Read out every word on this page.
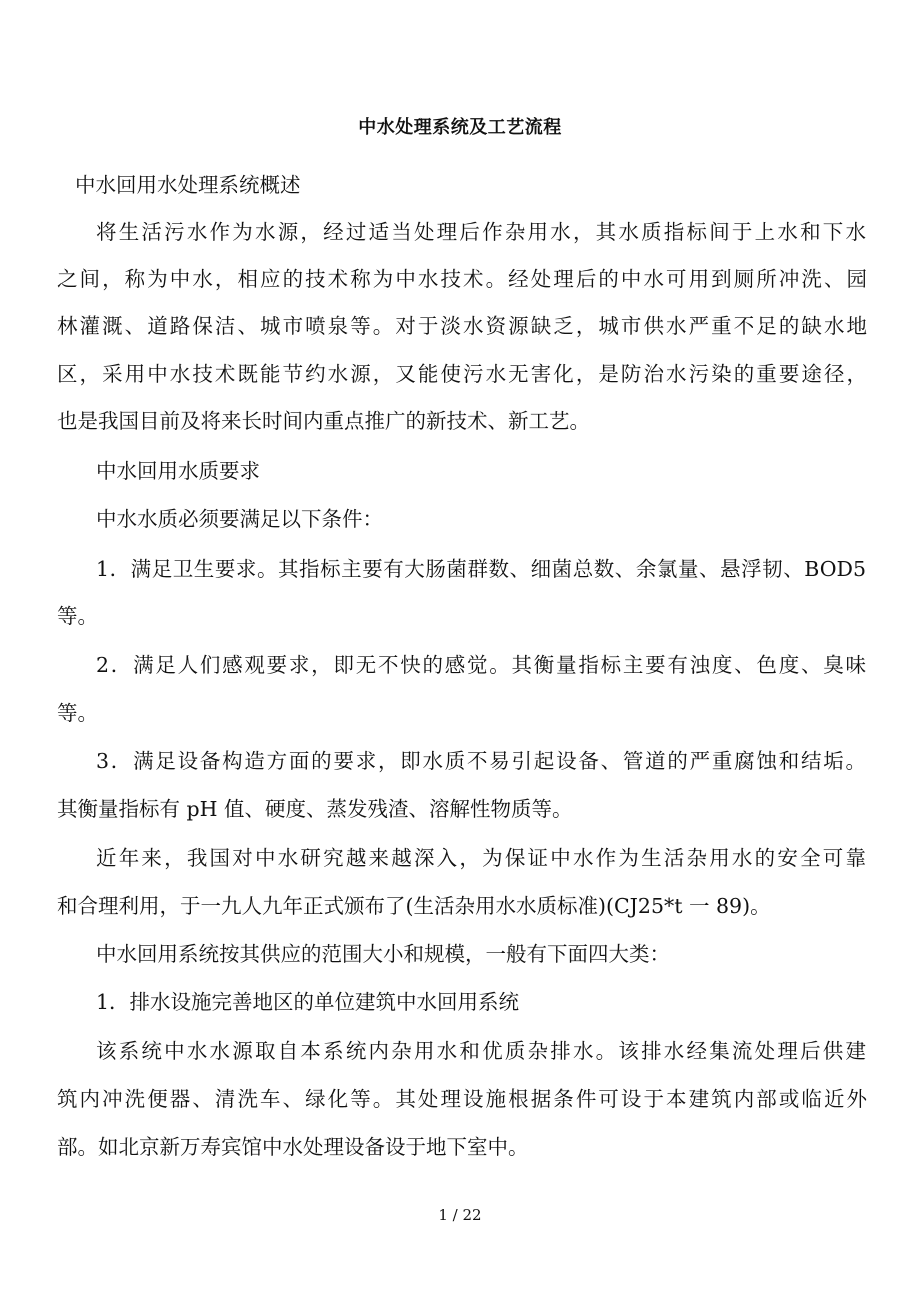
中水处理系统及工艺流程
中水回用水处理系统概述
将生活污水作为水源，经过适当处理后作杂用水，其水质指标间于上水和下水
之间，称为中水，相应的技术称为中水技术。经处理后的中水可用到厕所冲洗、园
林灌溉、道路保洁、城市喷泉等。对于淡水资源缺乏，城市供水严重不足的缺水地
区，采用中水技术既能节约水源，又能使污水无害化，是防治水污染的重要途径，
也是我国目前及将来长时间内重点推广的新技术、新工艺。
中水回用水质要求
中水水质必须要满足以下条件：
1．满足卫生要求。其指标主要有大肠菌群数、细菌总数、余氯量、悬浮韧、BOD5
等。
2．满足人们感观要求，即无不快的感觉。其衡量指标主要有浊度、色度、臭味
等。
3．满足设备构造方面的要求，即水质不易引起设备、管道的严重腐蚀和结垢。
其衡量指标有 pH 值、硬度、蒸发残渣、溶解性物质等。
近年来，我国对中水研究越来越深入，为保证中水作为生活杂用水的安全可靠
和合理利用，于一九人九年正式颁布了(生活杂用水水质标准)(CJ25*t 一 89)。
中水回用系统按其供应的范围大小和规模，一般有下面四大类：
1．排水设施完善地区的单位建筑中水回用系统
该系统中水水源取自本系统内杂用水和优质杂排水。该排水经集流处理后供建
筑内冲洗便器、清洗车、绿化等。其处理设施根据条件可设于本建筑内部或临近外
部。如北京新万寿宾馆中水处理设备设于地下室中。
1 / 22
